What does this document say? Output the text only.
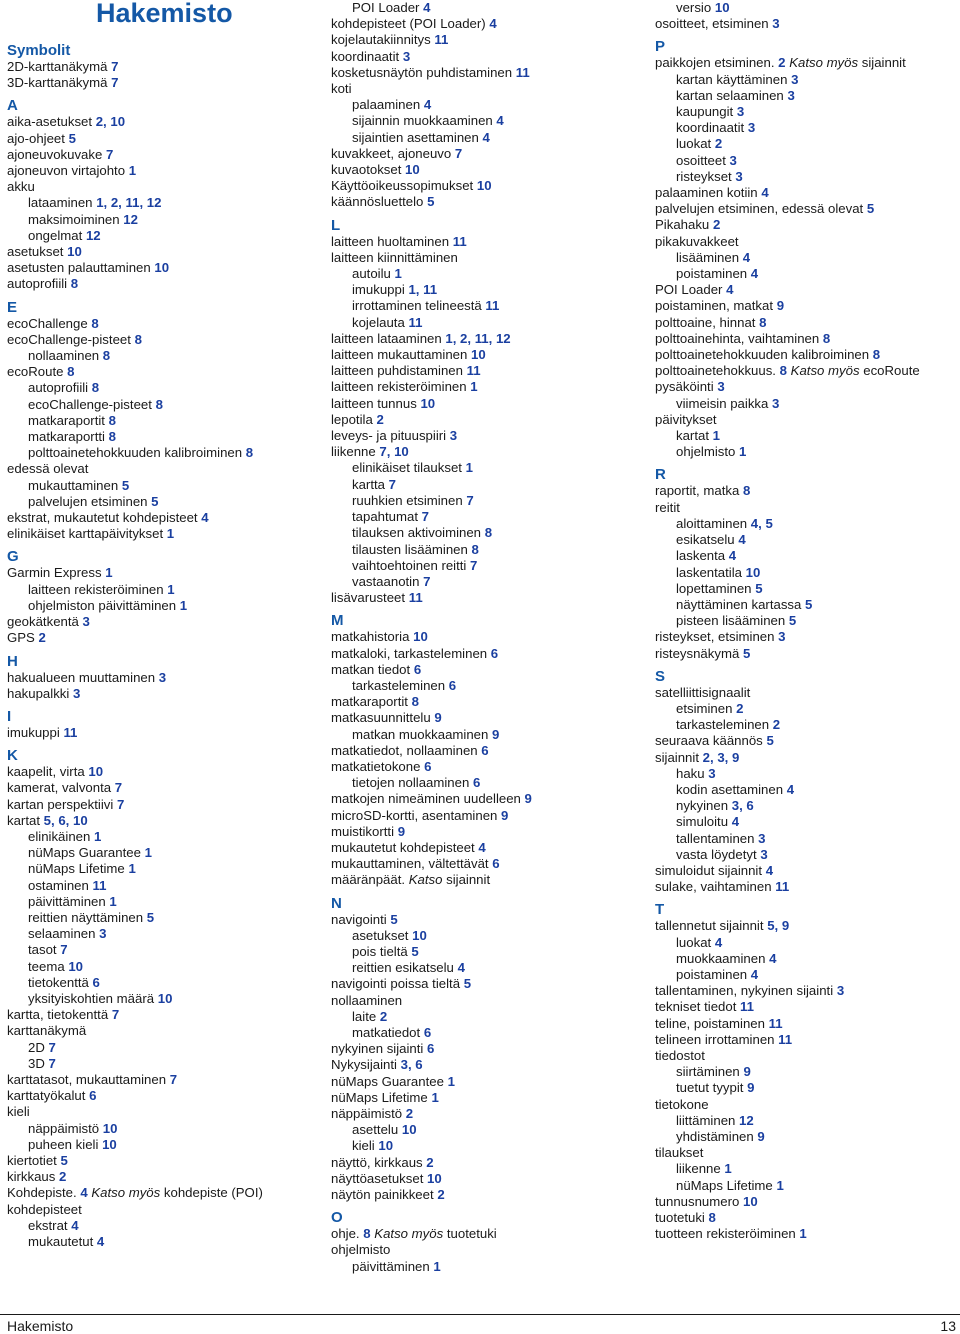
Hakemisto
Symbolit
2D-karttanäkymä 7
3D-karttanäkymä 7
A
aika-asetukset 2, 10
ajo-ohjeet 5
ajoneuvokuvake 7
ajoneuvon virtajohto 1
akku
lataaminen 1, 2, 11, 12
maksimoiminen 12
ongelmat 12
asetukset 10
asetusten palauttaminen 10
autoprofiili 8
E
ecoChallenge 8
ecoChallenge-pisteet 8
nollaaminen 8
ecoRoute 8
autoprofiili 8
ecoChallenge-pisteet 8
matkaraportit 8
matkaraportti 8
polttoainetehokkuuden kalibroiminen 8
edessä olevat
mukauttaminen 5
palvelujen etsiminen 5
ekstrat, mukautetut kohdepisteet 4
elinikäiset karttapäivitykset 1
G
Garmin Express 1
laitteen rekisteröiminen 1
ohjelmiston päivittäminen 1
geokätkentä 3
GPS 2
H
hakualueen muuttaminen 3
hakupalkki 3
I
imukuppi 11
K
kaapelit, virta 10
kamerat, valvonta 7
kartan perspektiivi 7
kartat 5, 6, 10
elinikäinen 1
nüMaps Guarantee 1
nüMaps Lifetime 1
ostaminen 11
päivittäminen 1
reittien näyttäminen 5
selaaminen 3
tasot 7
teema 10
tietokenttä 6
yksityiskohtien määrä 10
kartta, tietokenttä 7
karttanäkymä
2D 7
3D 7
karttatasot, mukauttaminen 7
karttatyökalut 6
kieli
näppäimistö 10
puheen kieli 10
kiertotiet 5
kirkkaus 2
Kohdepiste. 4 Katso myös kohdepiste (POI)
kohdepisteet
ekstrat 4
mukautetut 4
POI Loader 4
kohdepisteet (POI Loader) 4
kojelautakiinnitys 11
koordinaatit 3
kosketusnäytön puhdistaminen 11
koti
palaaminen 4
sijainnin muokkaaminen 4
sijaintien asettaminen 4
kuvakkeet, ajoneuvo 7
kuvaotokset 10
Käyttöoikeussopimukset 10
käännösluettelo 5
L
laitteen huoltaminen 11
laitteen kiinnittäminen
autoilu 1
imukuppi 1, 11
irrottaminen telineestä 11
kojelauta 11
laitteen lataaminen 1, 2, 11, 12
laitteen mukauttaminen 10
laitteen puhdistaminen 11
laitteen rekisteröiminen 1
laitteen tunnus 10
lepotila 2
leveys- ja pituuspiiri 3
liikenne 7, 10
elinikäiset tilaukset 1
kartta 7
ruuhkien etsiminen 7
tapahtumat 7
tilauksen aktivoiminen 8
tilausten lisääminen 8
vaihtoehtoinen reitti 7
vastaanotin 7
lisävarusteet 11
M
matkahistoria 10
matkaloki, tarkasteleminen 6
matkan tiedot 6
tarkasteleminen 6
matkaraportit 8
matkasuunnittelu 9
matkan muokkaaminen 9
matkatiedot, nollaaminen 6
matkatietokone 6
tietojen nollaaminen 6
matkojen nimeäminen uudelleen 9
microSD-kortti, asentaminen 9
muistikortti 9
mukautetut kohdepisteet 4
mukauttaminen, vältettävät 6
määränpäät. Katso sijainnit
N
navigointi 5
asetukset 10
pois tieltä 5
reittien esikatselu 4
navigointi poissa tieltä 5
nollaaminen
laite 2
matkatiedot 6
nykyinen sijainti 6
Nykysijainti 3, 6
nüMaps Guarantee 1
nüMaps Lifetime 1
näppäimistö 2
asettelu 10
kieli 10
näyttö, kirkkaus 2
näyttöasetukset 10
näytön painikkeet 2
O
ohje. 8 Katso myös tuotetuki
ohjelmisto
päivittäminen 1
versio 10
osoitteet, etsiminen 3
P
paikkojen etsiminen. 2 Katso myös sijainnit
kartan käyttäminen 3
kartan selaaminen 3
kaupungit 3
koordinaatit 3
luokat 2
osoitteet 3
risteykset 3
palaaminen kotiin 4
palvelujen etsiminen, edessä olevat 5
Pikahaku 2
pikakuvakkeet
lisääminen 4
poistaminen 4
POI Loader 4
poistaminen, matkat 9
polttoaine, hinnat 8
polttoainehinta, vaihtaminen 8
polttoainetehokkuuden kalibroiminen 8
polttoainetehokkuus. 8 Katso myös ecoRoute
pysäköinti 3
viimeisin paikka 3
päivitykset
kartat 1
ohjelmisto 1
R
raportit, matka 8
reitit
aloittaminen 4, 5
esikatselu 4
laskenta 4
laskentatila 10
lopettaminen 5
näyttäminen kartassa 5
pisteen lisääminen 5
risteykset, etsiminen 3
risteysnäkymä 5
S
satelliittisignaalit
etsiminen 2
tarkasteleminen 2
seuraava käännös 5
sijainnit 2, 3, 9
haku 3
kodin asettaminen 4
nykyinen 3, 6
simuloitu 4
tallentaminen 3
vasta löydetyt 3
simuloidut sijainnit 4
sulake, vaihtaminen 11
T
tallennetut sijainnit 5, 9
luokat 4
muokkaaminen 4
poistaminen 4
tallentaminen, nykyinen sijainti 3
tekniset tiedot 11
teline, poistaminen 11
telineen irrottaminen 11
tiedostot
siirtäminen 9
tuetut tyypit 9
tietokone
liittäminen 12
yhdistäminen 9
tilaukset
liikenne 1
nüMaps Lifetime 1
tunnusnumero 10
tuotetuki 8
tuotteen rekisteröiminen 1
Hakemisto	13
